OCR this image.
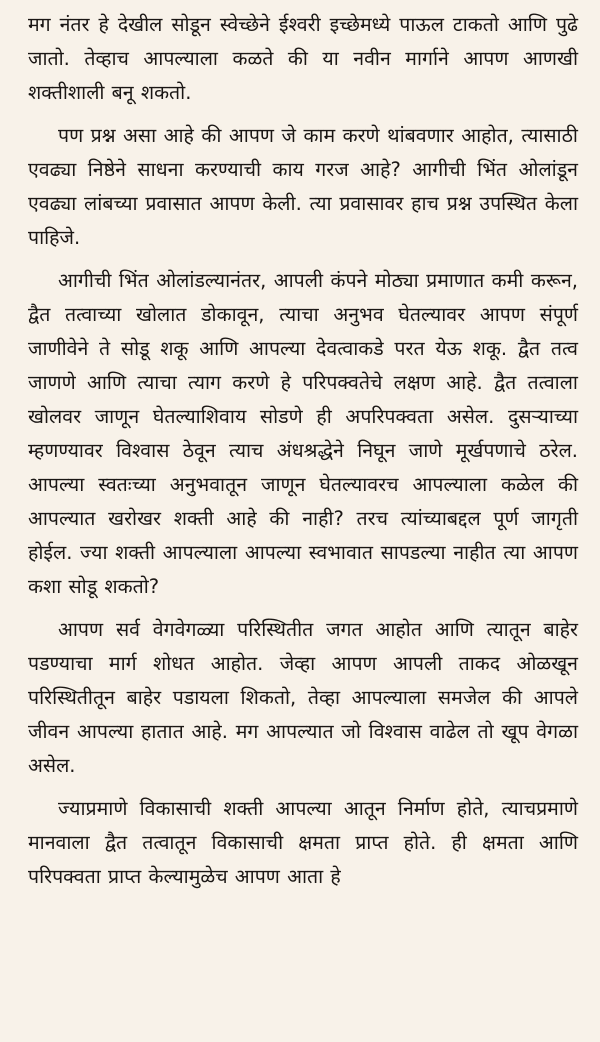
मग नंतर हे देखील सोडून स्वेच्छेने ईश्वरी इच्छेमध्ये पाऊल टाकतो आणि पुढे जातो. तेव्हाच आपल्याला कळते की या नवीन मार्गाने आपण आणखी शक्तीशाली बनू शकतो.

पण प्रश्न असा आहे की आपण जे काम करणे थांबवणार आहोत, त्यासाठी एवढ्या निष्ठेने साधना करण्याची काय गरज आहे? आगीची भिंत ओलांडून एवढ्या लांबच्या प्रवासात आपण केली. त्या प्रवासावर हाच प्रश्न उपस्थित केला पाहिजे.

आगीची भिंत ओलांडल्यानंतर, आपली कंपने मोठ्या प्रमाणात कमी करून, द्वैत तत्वाच्या खोलात डोकावून, त्याचा अनुभव घेतल्यावर आपण संपूर्ण जाणीवेने ते सोडू शकू आणि आपल्या देवत्वाकडे परत येऊ शकू. द्वैत तत्व जाणणे आणि त्याचा त्याग करणे हे परिपक्वतेचे लक्षण आहे. द्वैत तत्वाला खोलवर जाणून घेतल्याशिवाय सोडणे ही अपरिपक्वता असेल. दुसऱ्याच्या म्हणण्यावर विश्वास ठेवून त्याच अंधश्रद्धेने निघून जाणे मूर्खपणाचे ठरेल. आपल्या स्वतःच्या अनुभवातून जाणून घेतल्यावरच आपल्याला कळेल की आपल्यात खरोखर शक्ती आहे की नाही? तरच त्यांच्याबद्दल पूर्ण जागृती होईल. ज्या शक्ती आपल्याला आपल्या स्वभावात सापडल्या नाहीत त्या आपण कशा सोडू शकतो?

आपण सर्व वेगवेगळ्या परिस्थितीत जगत आहोत आणि त्यातून बाहेर पडण्याचा मार्ग शोधत आहोत. जेव्हा आपण आपली ताकद ओळखून परिस्थितीतून बाहेर पडायला शिकतो, तेव्हा आपल्याला समजेल की आपले जीवन आपल्या हातात आहे. मग आपल्यात जो विश्वास वाढेल तो खूप वेगळा असेल.

ज्याप्रमाणे विकासाची शक्ती आपल्या आतून निर्माण होते, त्याचप्रमाणे मानवाला द्वैत तत्वातून विकासाची क्षमता प्राप्त होते. ही क्षमता आणि परिपक्वता प्राप्त केल्यामुळेच आपण आता हे
